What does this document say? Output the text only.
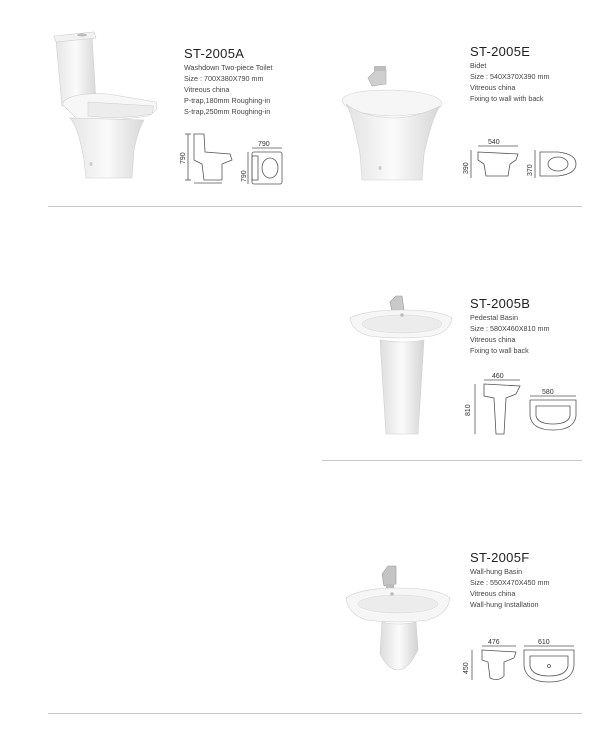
ST-2005A
Washdown Two-piece Toilet
Size : 700X380X790 mm
Vitreous china
P-trap,180mm Roughing-in
S-trap,250mm Roughing-in
790
790
790
ST-2005E
Bidet
Size : 540X370X390 mm
Vitreous china
Fixing to wall with back
540
390	370
ST-2005B
Pedestal Basin
Size : 580X460X810 mm
Vitreous china
Fixing to wall back
460
810
580
ST-2005F
Wall-hung Basin
Size : 550X470X450 mm
Vitreous china
Wall-hung Installation
476
450
610
